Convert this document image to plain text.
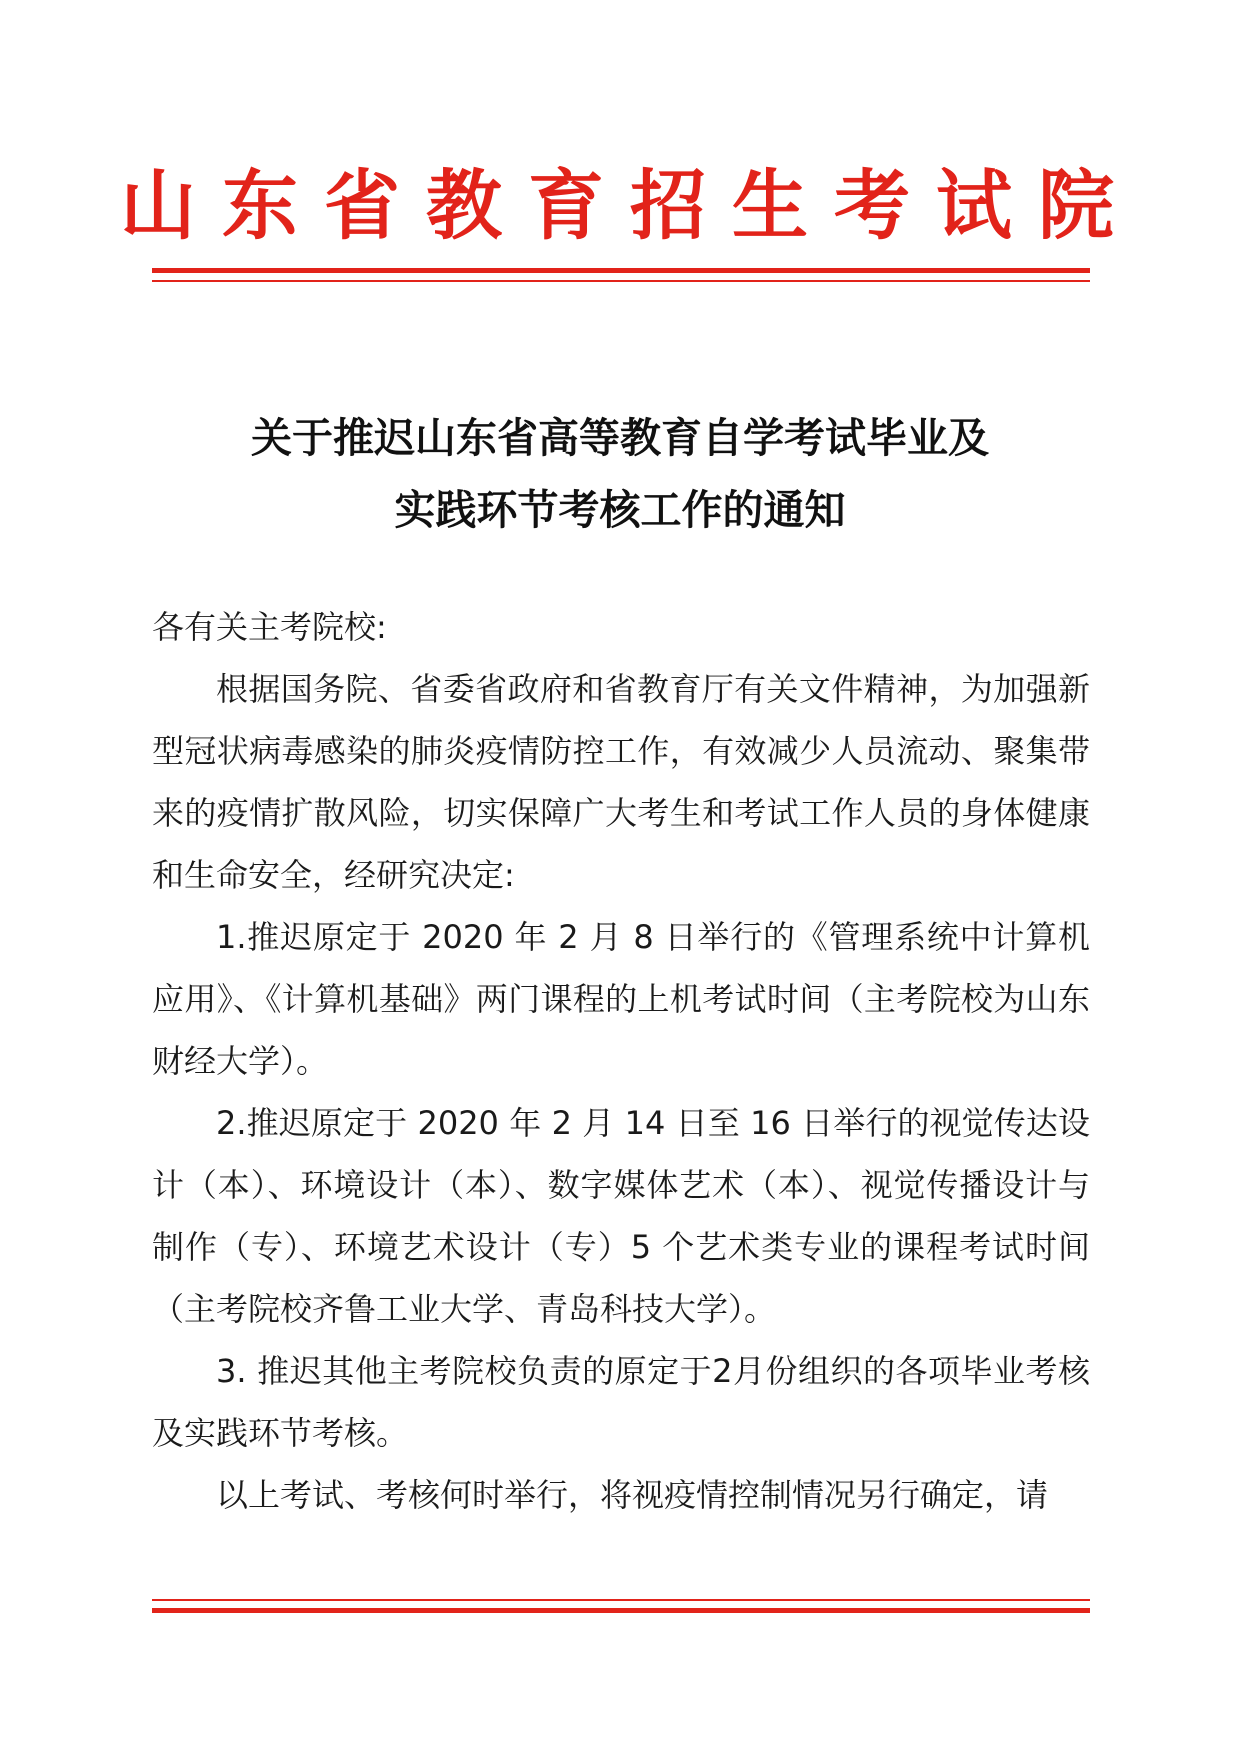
山东省教育招生考试院
关于推迟山东省高等教育自学考试毕业及
实践环节考核工作的通知

各有关主考院校:

根据国务院、省委省政府和省教育厅有关文件精神，为加强新型冠状病毒感染的肺炎疫情防控工作，有效减少人员流动、聚集带来的疫情扩散风险，切实保障广大考生和考试工作人员的身体健康和生命安全，经研究决定:

1.推迟原定于 2020 年 2 月 8 日举行的《管理系统中计算机应用》、《计算机基础》两门课程的上机考试时间（主考院校为山东财经大学）。

2.推迟原定于 2020 年 2 月 14 日至 16 日举行的视觉传达设计（本）、环境设计（本）、数字媒体艺术（本）、视觉传播设计与制作（专）、环境艺术设计（专）5 个艺术类专业的课程考试时间（主考院校齐鲁工业大学、青岛科技大学）。

3. 推迟其他主考院校负责的原定于2月份组织的各项毕业考核及实践环节考核。

以上考试、考核何时举行，将视疫情控制情况另行确定，请
